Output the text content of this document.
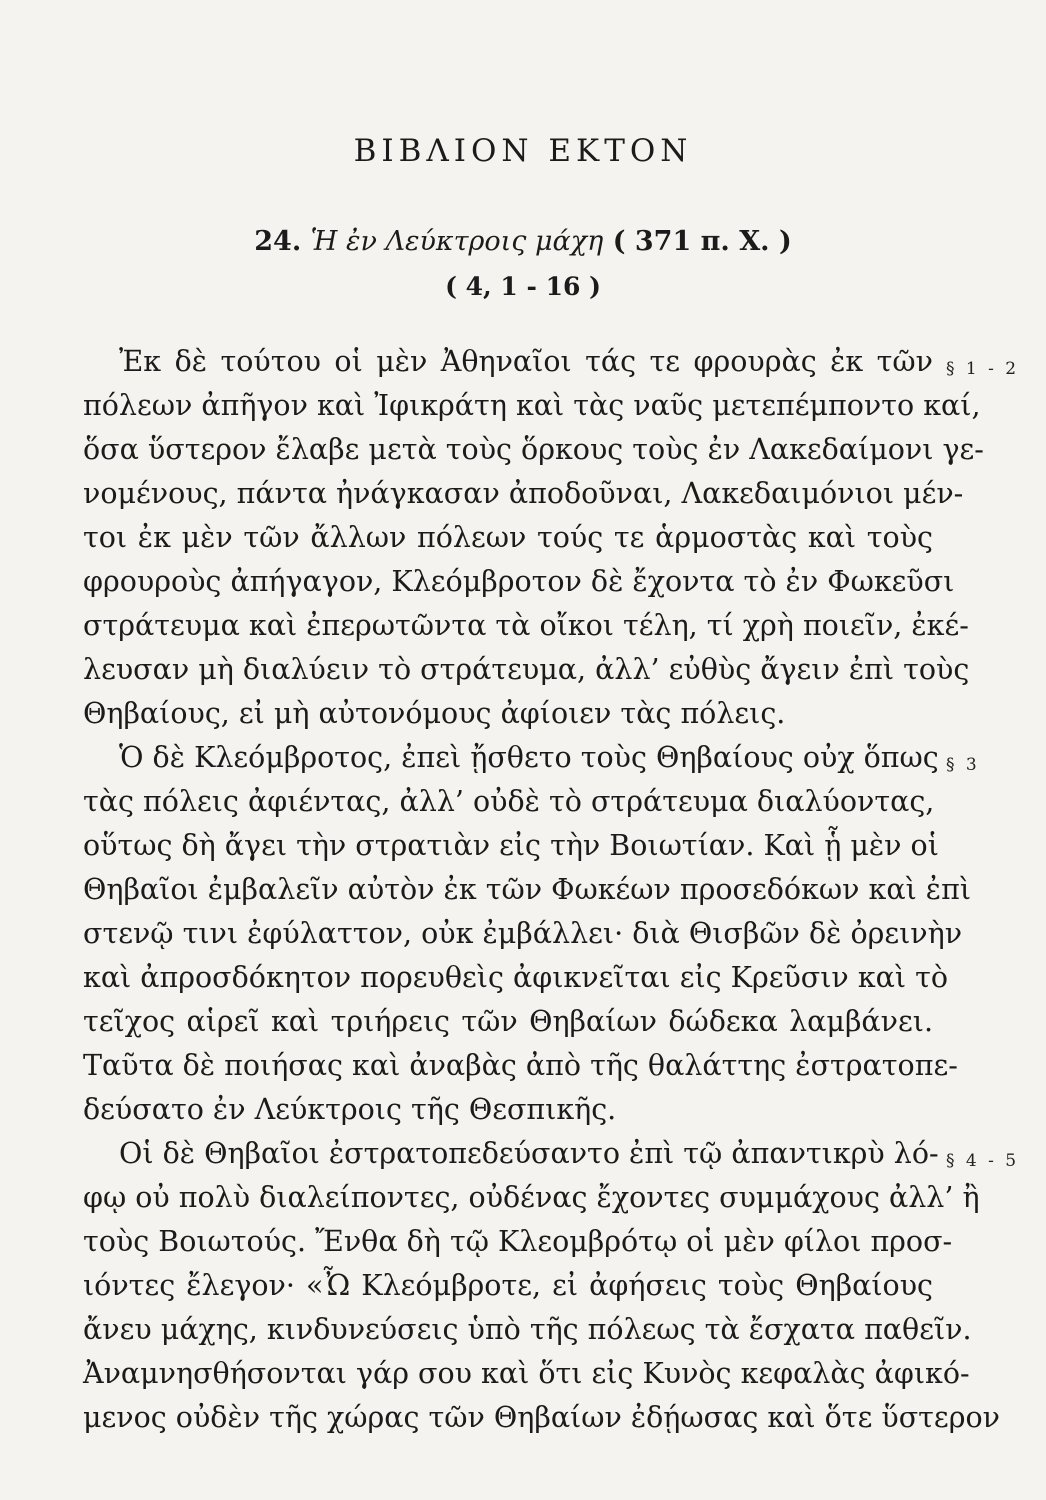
ΒΙΒΛΙΟΝ ΕΚΤΟΝ
24. Ἡ ἐν Λεύκτροις μάχη ( 371 π. Χ. )
( 4, 1 - 16 )
Ἐκ δὲ τούτου οἱ μὲν Ἀθηναῖοι τάς τε φρουρὰς ἐκ τῶν
πόλεων ἀπῆγον καὶ Ἰφικράτη καὶ τὰς ναῦς μετεπέμποντο καί,
ὅσα ὕστερον ἔλαβε μετὰ τοὺς ὅρκους τοὺς ἐν Λακεδαίμονι γε-
νομένους, πάντα ἠνάγκασαν ἀποδοῦναι, Λακεδαιμόνιοι μέν-
τοι ἐκ μὲν τῶν ἄλλων πόλεων τούς τε ἁρμοστὰς καὶ τοὺς
φρουροὺς ἀπήγαγον, Κλεόμβροτον δὲ ἔχοντα τὸ ἐν Φωκεῦσι
στράτευμα καὶ ἐπερωτῶντα τὰ οἴκοι τέλη, τί χρὴ ποιεῖν, ἐκέ-
λευσαν μὴ διαλύειν τὸ στράτευμα, ἀλλ’ εὐθὺς ἄγειν ἐπὶ τοὺς
Θηβαίους, εἰ μὴ αὐτονόμους ἀφίοιεν τὰς πόλεις.
Ὁ δὲ Κλεόμβροτος, ἐπεὶ ᾔσθετο τοὺς Θηβαίους οὐχ ὅπως
τὰς πόλεις ἀφιέντας, ἀλλ’ οὐδὲ τὸ στράτευμα διαλύοντας,
οὕτως δὴ ἄγει τὴν στρατιὰν εἰς τὴν Βοιωτίαν. Καὶ ᾗ μὲν οἱ
Θηβαῖοι ἐμβαλεῖν αὐτὸν ἐκ τῶν Φωκέων προσεδόκων καὶ ἐπὶ
στενῷ τινι ἐφύλαττον, οὐκ ἐμβάλλει· διὰ Θισβῶν δὲ ὀρεινὴν
καὶ ἀπροσδόκητον πορευθεὶς ἀφικνεῖται εἰς Κρεῦσιν καὶ τὸ
τεῖχος αἱρεῖ καὶ τριήρεις τῶν Θηβαίων δώδεκα λαμβάνει.
Ταῦτα δὲ ποιήσας καὶ ἀναβὰς ἀπὸ τῆς θαλάττης ἐστρατοπε-
δεύσατο ἐν Λεύκτροις τῆς Θεσπικῆς.
Οἱ δὲ Θηβαῖοι ἐστρατοπεδεύσαντο ἐπὶ τῷ ἀπαντικρὺ λό-
φῳ οὐ πολὺ διαλείποντες, οὐδένας ἔχοντες συμμάχους ἀλλ’ ἢ
τοὺς Βοιωτούς. Ἔνθα δὴ τῷ Κλεομβρότῳ οἱ μὲν φίλοι προσ-
ιόντες ἔλεγον· «Ὦ Κλεόμβροτε, εἰ ἀφήσεις τοὺς Θηβαίους
ἄνευ μάχης, κινδυνεύσεις ὑπὸ τῆς πόλεως τὰ ἔσχατα παθεῖν.
Ἀναμνησθήσονται γάρ σου καὶ ὅτι εἰς Κυνὸς κεφαλὰς ἀφικό-
μενος οὐδὲν τῆς χώρας τῶν Θηβαίων ἐδῄωσας καὶ ὅτε ὕστερον
§ 1 - 2
§ 3
§ 4 - 5
